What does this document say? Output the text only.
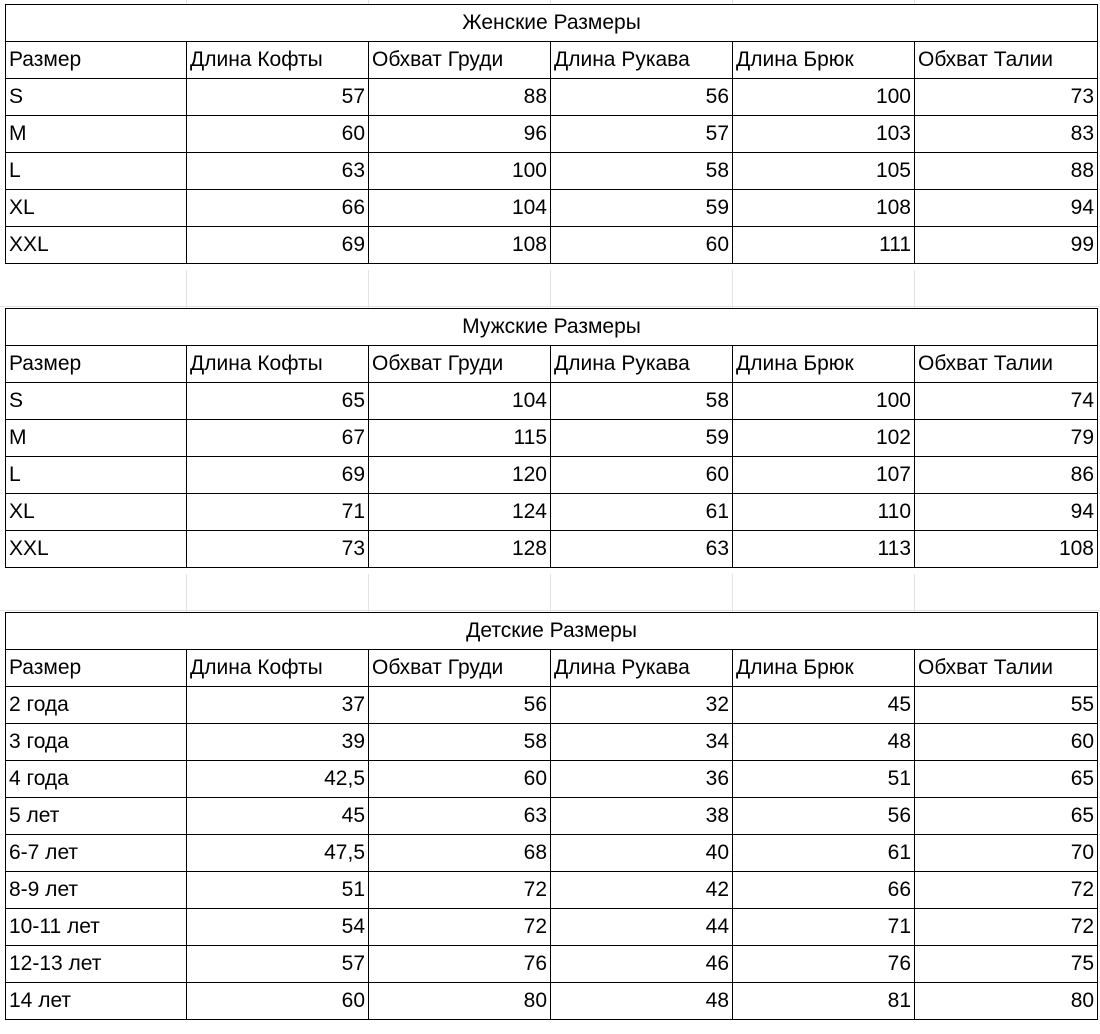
Женские Размеры					
Размер	Длина Кофты	Обхват Груди	Длина Рукава	Длина Брюк	Обхват Талии
S	57	88	56	100	73
M	60	96	57	103	83
L	63	100	58	105	88
XL	66	104	59	108	94
XXL	69	108	60	111	99
Мужские Размеры					
Размер	Длина Кофты	Обхват Груди	Длина Рукава	Длина Брюк	Обхват Талии
S	65	104	58	100	74
M	67	115	59	102	79
L	69	120	60	107	86
XL	71	124	61	110	94
XXL	73	128	63	113	108
Детские Размеры					
Размер	Длина Кофты	Обхват Груди	Длина Рукава	Длина Брюк	Обхват Талии
2 года	37	56	32	45	55
3 года	39	58	34	48	60
4 года	42,5	60	36	51	65
5 лет	45	63	38	56	65
6-7 лет	47,5	68	40	61	70
8-9 лет	51	72	42	66	72
10-11 лет	54	72	44	71	72
12-13 лет	57	76	46	76	75
14 лет	60	80	48	81	80
